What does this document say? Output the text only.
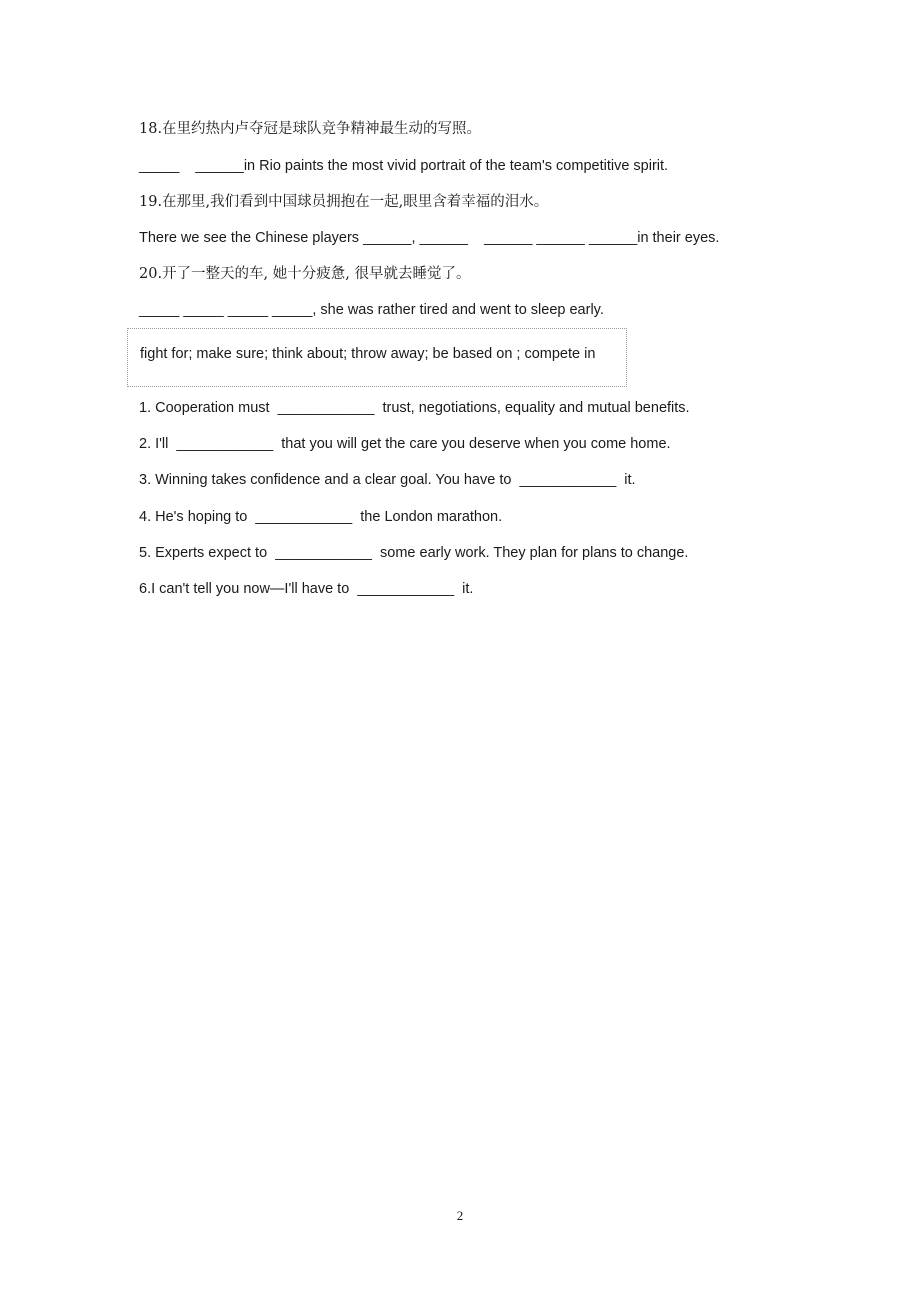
18.在里约热内卢夺冠是球队竞争精神最生动的写照。
_____    ______in Rio paints the most vivid portrait of the team's competitive spirit.
19.在那里,我们看到中国球员拥抱在一起,眼里含着幸福的泪水。
There we see the Chinese players ______, ______    ______ ______ ______in their eyes.
20.开了一整天的车, 她十分疲惫, 很早就去睡觉了。
_____ _____ _____ _____, she was rather tired and went to sleep early.
fight for; make sure; think about; throw away; be based on ; compete in
1. Cooperation must  ____________  trust, negotiations, equality and mutual benefits.
2. I'll  ____________  that you will get the care you deserve when you come home.
3. Winning takes confidence and a clear goal. You have to  ____________  it.
4. He's hoping to  ____________  the London marathon.
5. Experts expect to  ____________  some early work. They plan for plans to change.
6.I can't tell you now—I'll have to  ____________  it.
2
